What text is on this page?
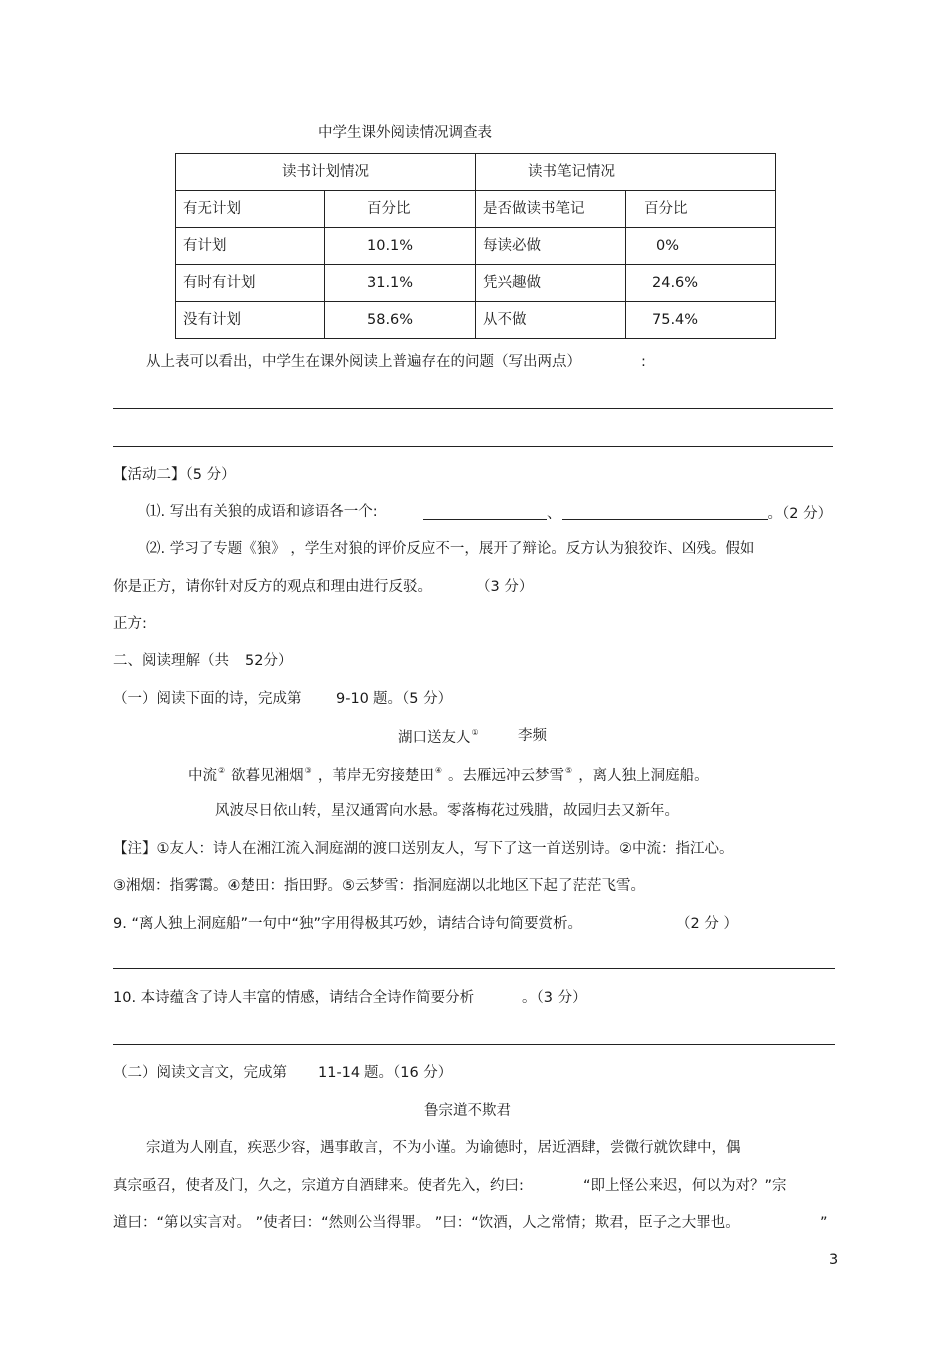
中学生课外阅读情况调查表
读书计划情况		读书笔记情况	
有无计划	百分比	是否做读书笔记	百分比
有计划	10.1%	每读必做	0%
有时有计划	31.1%	凭兴趣做	24.6%
没有计划	58.6%	从不做	75.4%
从上表可以看出，中学生在课外阅读上普遍存在的问题（写出两点）	:
【活动二】（5 分）
⑴. 写出有关狼的成语和谚语各一个:	、	。（2 分）
⑵. 学习了专题《狼》 ，学生对狼的评价反应不一，展开了辩论。反方认为狼狡诈、凶残。假如
你是正方，请你针对反方的观点和理由进行反驳。	（3 分）
正方:
二、阅读理解（共 52分）
（一）阅读下面的诗，完成第 9-10 题。（5 分）
湖口送友人①	李频
中流② 欲暮见湘烟③ ，苇岸无穷接楚田④ 。去雁远冲云梦雪⑤ ，离人独上洞庭船。
风波尽日依山转，星汉通霄向水悬。零落梅花过残腊，故园归去又新年。
【注】①友人：诗人在湘江流入洞庭湖的渡口送别友人，写下了这一首送别诗。②中流：指江心。
③湘烟：指雾霭。④楚田：指田野。⑤云梦雪：指洞庭湖以北地区下起了茫茫飞雪。
9. “离人独上洞庭船”一句中“独”字用得极其巧妙，请结合诗句简要赏析。	（2 分 ）
10. 本诗蕴含了诗人丰富的情感，请结合全诗作简要分析	。（3 分）
（二）阅读文言文，完成第 11-14 题。（16 分）
鲁宗道不欺君
宗道为人刚直，疾恶少容，遇事敢言，不为小谨。为谕德时，居近酒肆，尝微行就饮肆中，偶
真宗亟召，使者及门，久之，宗道方自酒肆来。使者先入，约曰:	“即上怪公来迟，何以为对？”宗
道曰：“第以实言对。 ”使者曰：“然则公当得罪。 ”曰：“饮酒，人之常情；欺君，臣子之大罪也。	”
3
